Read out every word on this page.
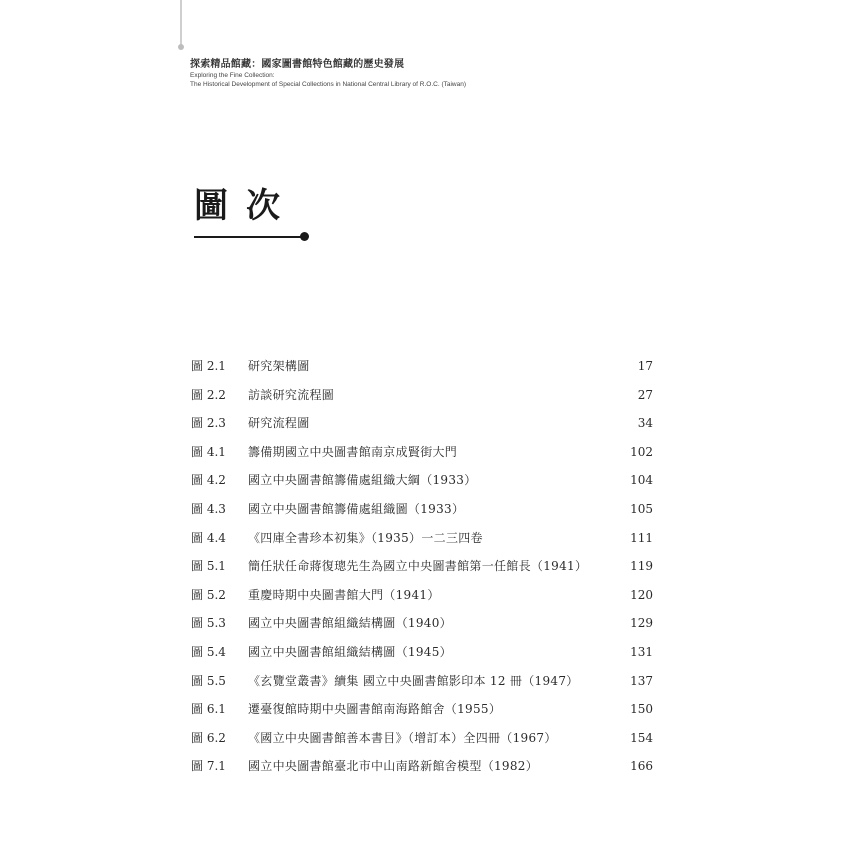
探索精品館藏：國家圖書館特色館藏的歷史發展
Exploring the Fine Collection:
The Historical Development of Special Collections in National Central Library of R.O.C. (Taiwan)
圖次
圖 2.1 研究架構圖	17
圖 2.2 訪談研究流程圖	27
圖 2.3 研究流程圖	34
圖 4.1 籌備期國立中央圖書館南京成賢街大門	102
圖 4.2 國立中央圖書館籌備處組織大綱（1933）	104
圖 4.3 國立中央圖書館籌備處組織圖（1933）	105
圖 4.4 《四庫全書珍本初集》（1935）一二三四卷	111
圖 5.1 簡任狀任命蔣復璁先生為國立中央圖書館第一任館長（1941）	119
圖 5.2 重慶時期中央圖書館大門（1941）	120
圖 5.3 國立中央圖書館組織結構圖（1940）	129
圖 5.4 國立中央圖書館組織結構圖（1945）	131
圖 5.5 《玄覽堂叢書》續集 國立中央圖書館影印本 12 冊（1947）	137
圖 6.1 遷臺復館時期中央圖書館南海路館舍（1955）	150
圖 6.2 《國立中央圖書館善本書目》（增訂本）全四冊（1967）	154
圖 7.1 國立中央圖書館臺北市中山南路新館舍模型（1982）	166
